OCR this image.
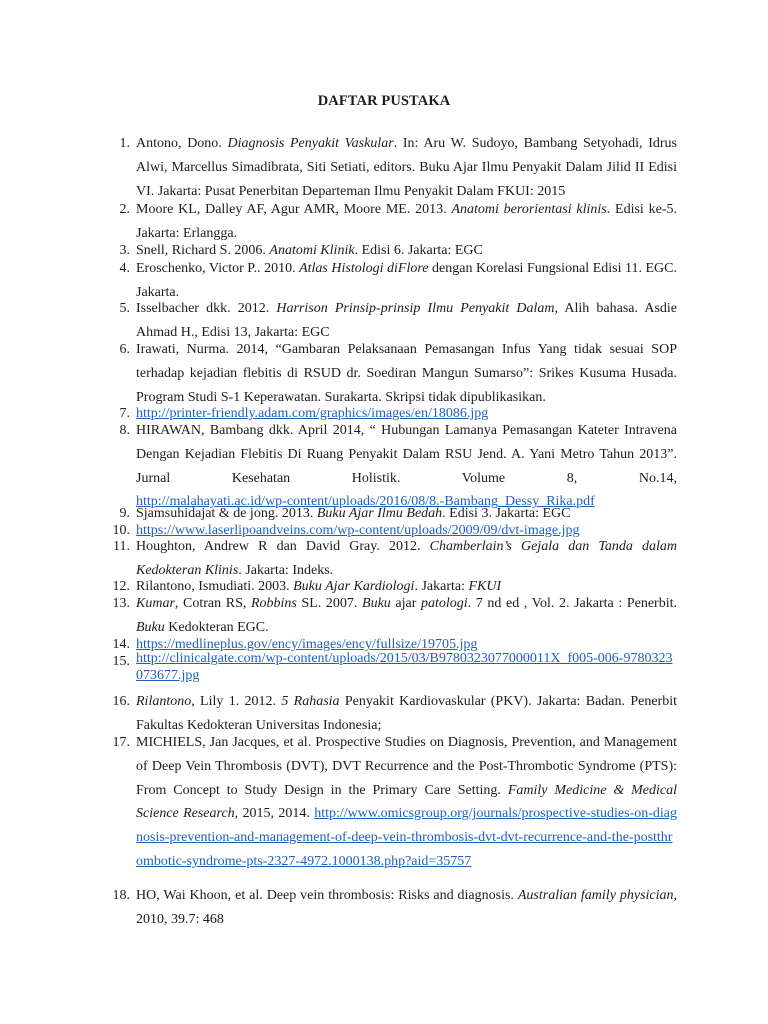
DAFTAR PUSTAKA
1. Antono, Dono. Diagnosis Penyakit Vaskular. In: Aru W. Sudoyo, Bambang Setyohadi, Idrus Alwi, Marcellus Simadibrata, Siti Setiati, editors. Buku Ajar Ilmu Penyakit Dalam Jilid II Edisi VI. Jakarta: Pusat Penerbitan Departeman Ilmu Penyakit Dalam FKUI: 2015
2. Moore KL, Dalley AF, Agur AMR, Moore ME. 2013. Anatomi berorientasi klinis. Edisi ke-5. Jakarta: Erlangga.
3. Snell, Richard S. 2006. Anatomi Klinik. Edisi 6. Jakarta: EGC
4. Eroschenko, Victor P.. 2010. Atlas Histologi diFlore dengan Korelasi Fungsional Edisi 11. EGC. Jakarta.
5. Isselbacher dkk. 2012. Harrison Prinsip-prinsip Ilmu Penyakit Dalam, Alih bahasa. Asdie Ahmad H., Edisi 13, Jakarta: EGC
6. Irawati, Nurma. 2014, “Gambaran Pelaksanaan Pemasangan Infus Yang tidak sesuai SOP terhadap kejadian flebitis di RSUD dr. Soediran Mangun Sumarso”: Srikes Kusuma Husada. Program Studi S-1 Keperawatan. Surakarta. Skripsi tidak dipublikasikan.
7. http://printer-friendly.adam.com/graphics/images/en/18086.jpg
8. HIRAWAN, Bambang dkk. April 2014, “ Hubungan Lamanya Pemasangan Kateter Intravena Dengan Kejadian Flebitis Di Ruang Penyakit Dalam RSU Jend. A. Yani Metro Tahun 2013”. Jurnal Kesehatan Holistik. Volume 8, No.14, http://malahayati.ac.id/wp-content/uploads/2016/08/8.-Bambang_Dessy_Rika.pdf
9. Sjamsuhidajat & de jong. 2013. Buku Ajar Ilmu Bedah. Edisi 3. Jakarta: EGC
10. https://www.laserlipoandveins.com/wp-content/uploads/2009/09/dvt-image.jpg
11. Houghton, Andrew R dan David Gray. 2012. Chamberlain’s Gejala dan Tanda dalam Kedokteran Klinis. Jakarta: Indeks.
12. Rilantono, Ismudiati. 2003. Buku Ajar Kardiologi. Jakarta: FKUI
13. Kumar, Cotran RS, Robbins SL. 2007. Buku ajar patologi. 7 nd ed , Vol. 2. Jakarta : Penerbit. Buku Kedokteran EGC.
14. https://medlineplus.gov/ency/images/ency/fullsize/19705.jpg
15. http://clinicalgate.com/wp-content/uploads/2015/03/B9780323077000011X_f005-006-9780323073677.jpg
16. Rilantono, Lily 1. 2012. 5 Rahasia Penyakit Kardiovaskular (PKV). Jakarta: Badan. Penerbit Fakultas Kedokteran Universitas Indonesia;
17. MICHIELS, Jan Jacques, et al. Prospective Studies on Diagnosis, Prevention, and Management of Deep Vein Thrombosis (DVT), DVT Recurrence and the Post-Thrombotic Syndrome (PTS): From Concept to Study Design in the Primary Care Setting. Family Medicine & Medical Science Research, 2015, 2014. http://www.omicsgroup.org/journals/prospective-studies-on-diagnosis-prevention-and-management-of-deep-vein-thrombosis-dvt-dvt-recurrence-and-the-postthrombotic-syndrome-pts-2327-4972.1000138.php?aid=35757
18. HO, Wai Khoon, et al. Deep vein thrombosis: Risks and diagnosis. Australian family physician, 2010, 39.7: 468
